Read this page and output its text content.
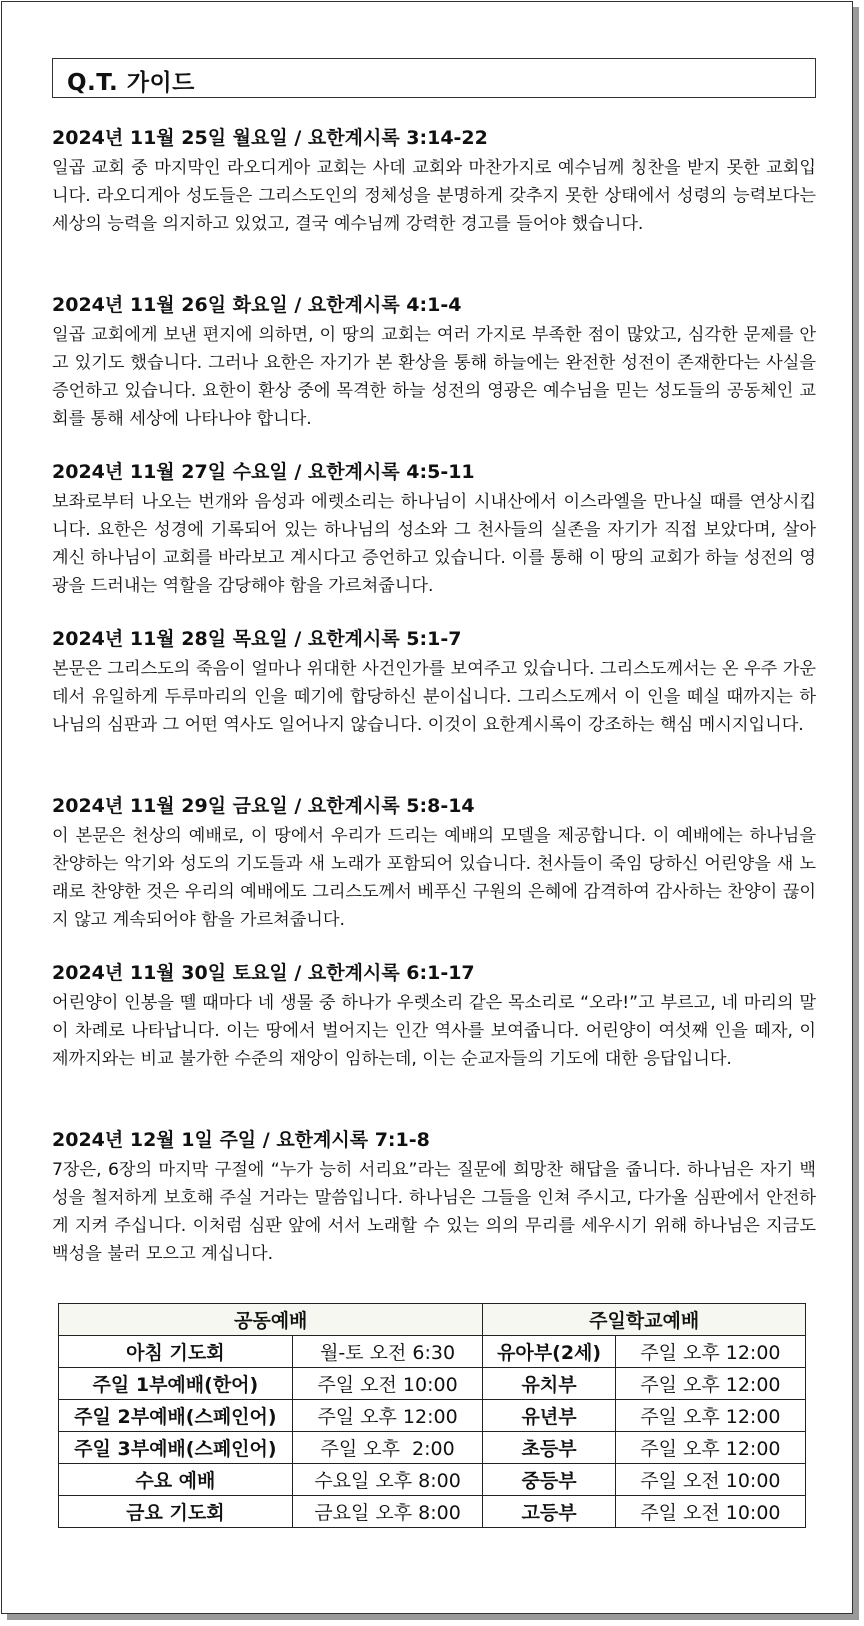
Q.T. 가이드
2024년 11월 25일 월요일 / 요한계시록 3:14-22

일곱 교회 중 마지막인 라오디게아 교회는 사데 교회와 마찬가지로 예수님께 칭찬을 받지 못한 교회입니다. 라오디게아 성도들은 그리스도인의 정체성을 분명하게 갖추지 못한 상태에서 성령의 능력보다는 세상의 능력을 의지하고 있었고, 결국 예수님께 강력한 경고를 들어야 했습니다.

2024년 11월 26일 화요일 / 요한계시록 4:1-4

일곱 교회에게 보낸 편지에 의하면, 이 땅의 교회는 여러 가지로 부족한 점이 많았고, 심각한 문제를 안고 있기도 했습니다. 그러나 요한은 자기가 본 환상을 통해 하늘에는 완전한 성전이 존재한다는 사실을 증언하고 있습니다. 요한이 환상 중에 목격한 하늘 성전의 영광은 예수님을 믿는 성도들의 공동체인 교회를 통해 세상에 나타나야 합니다.

2024년 11월 27일 수요일 / 요한계시록 4:5-11

보좌로부터 나오는 번개와 음성과 에렛소리는 하나님이 시내산에서 이스라엘을 만나실 때를 연상시킵니다. 요한은 성경에 기록되어 있는 하나님의 성소와 그 천사들의 실존을 자기가 직접 보았다며, 살아 계신 하나님이 교회를 바라보고 계시다고 증언하고 있습니다. 이를 통해 이 땅의 교회가 하늘 성전의 영광을 드러내는 역할을 감당해야 함을 가르쳐줍니다.

2024년 11월 28일 목요일 / 요한계시록 5:1-7

본문은 그리스도의 죽음이 얼마나 위대한 사건인가를 보여주고 있습니다. 그리스도께서는 온 우주 가운데서 유일하게 두루마리의 인을 떼기에 합당하신 분이십니다. 그리스도께서 이 인을 떼실 때까지는 하나님의 심판과 그 어떤 역사도 일어나지 않습니다. 이것이 요한계시록이 강조하는 핵심 메시지입니다.

2024년 11월 29일 금요일 / 요한계시록 5:8-14

이 본문은 천상의 예배로, 이 땅에서 우리가 드리는 예배의 모델을 제공합니다. 이 예배에는 하나님을 찬양하는 악기와 성도의 기도들과 새 노래가 포함되어 있습니다. 천사들이 죽임 당하신 어린양을 새 노래로 찬양한 것은 우리의 예배에도 그리스도께서 베푸신 구원의 은혜에 감격하여 감사하는 찬양이 끊이지 않고 계속되어야 함을 가르쳐줍니다.

2024년 11월 30일 토요일 / 요한계시록 6:1-17

어린양이 인봉을 뗄 때마다 네 생물 중 하나가 우렛소리 같은 목소리로 “오라!”고 부르고, 네 마리의 말이 차례로 나타납니다. 이는 땅에서 벌어지는 인간 역사를 보여줍니다. 어린양이 여섯째 인을 떼자, 이제까지와는 비교 불가한 수준의 재앙이 임하는데, 이는 순교자들의 기도에 대한 응답입니다.

2024년 12월 1일 주일 / 요한계시록 7:1-8

7장은, 6장의 마지막 구절에 “누가 능히 서리요”라는 질문에 희망찬 해답을 줍니다. 하나님은 자기 백성을 철저하게 보호해 주실 거라는 말씀입니다. 하나님은 그들을 인쳐 주시고, 다가올 심판에서 안전하게 지켜 주십니다. 이처럼 심판 앞에 서서 노래할 수 있는 의의 무리를 세우시기 위해 하나님은 지금도 백성을 불러 모으고 계십니다.

공동예배		주일학교예배	
아침 기도회	월-토 오전 6:30	유아부(2세)	주일 오후 12:00
주일 1부예배(한어)	주일 오전 10:00	유치부	주일 오후 12:00
주일 2부예배(스페인어)	주일 오후 12:00	유년부	주일 오후 12:00
주일 3부예배(스페인어)	주일 오후  2:00	초등부	주일 오후 12:00
수요 예배	수요일 오후 8:00	중등부	주일 오전 10:00
금요 기도회	금요일 오후 8:00	고등부	주일 오전 10:00
